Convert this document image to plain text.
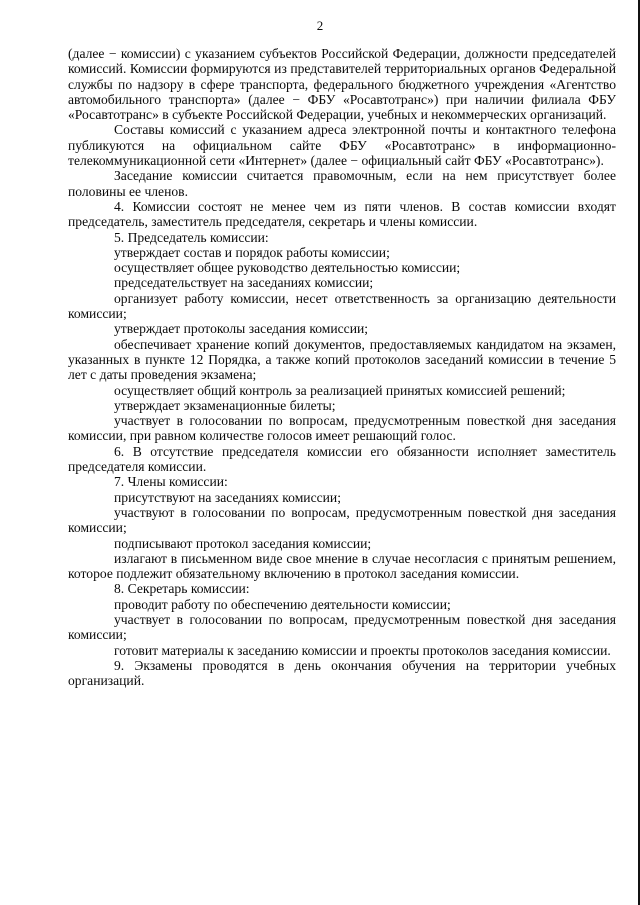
2

(далее − комиссии) с указанием субъектов Российской Федерации, должности председателей комиссий. Комиссии формируются из представителей территориальных органов Федеральной службы по надзору в сфере транспорта, федерального бюджетного учреждения «Агентство автомобильного транспорта» (далее − ФБУ «Росавтотранс») при наличии филиала ФБУ «Росавтотранс» в субъекте Российской Федерации, учебных и некоммерческих организаций.

Составы комиссий с указанием адреса электронной почты и контактного телефона публикуются на официальном сайте ФБУ «Росавтотранс» в информационно-телекоммуникационной сети «Интернет» (далее − официальный сайт ФБУ «Росавтотранс»).

Заседание комиссии считается правомочным, если на нем присутствует более половины ее членов.

4. Комиссии состоят не менее чем из пяти членов. В состав комиссии входят председатель, заместитель председателя, секретарь и члены комиссии.

5. Председатель комиссии:

утверждает состав и порядок работы комиссии;

осуществляет общее руководство деятельностью комиссии;

председательствует на заседаниях комиссии;

организует работу комиссии, несет ответственность за организацию деятельности комиссии;

утверждает протоколы заседания комиссии;

обеспечивает хранение копий документов, предоставляемых кандидатом на экзамен, указанных в пункте 12 Порядка, а также копий протоколов заседаний комиссии в течение 5 лет с даты проведения экзамена;

осуществляет общий контроль за реализацией принятых комиссией решений;

утверждает экзаменационные билеты;

участвует в голосовании по вопросам, предусмотренным повесткой дня заседания комиссии, при равном количестве голосов имеет решающий голос.

6. В отсутствие председателя комиссии его обязанности исполняет заместитель председателя комиссии.

7. Члены комиссии:

присутствуют на заседаниях комиссии;

участвуют в голосовании по вопросам, предусмотренным повесткой дня заседания комиссии;

подписывают протокол заседания комиссии;

излагают в письменном виде свое мнение в случае несогласия с принятым решением, которое подлежит обязательному включению в протокол заседания комиссии.

8. Секретарь комиссии:

проводит работу по обеспечению деятельности комиссии;

участвует в голосовании по вопросам, предусмотренным повесткой дня заседания комиссии;

готовит материалы к заседанию комиссии и проекты протоколов заседания комиссии.

9. Экзамены проводятся в день окончания обучения на территории учебных организаций.
